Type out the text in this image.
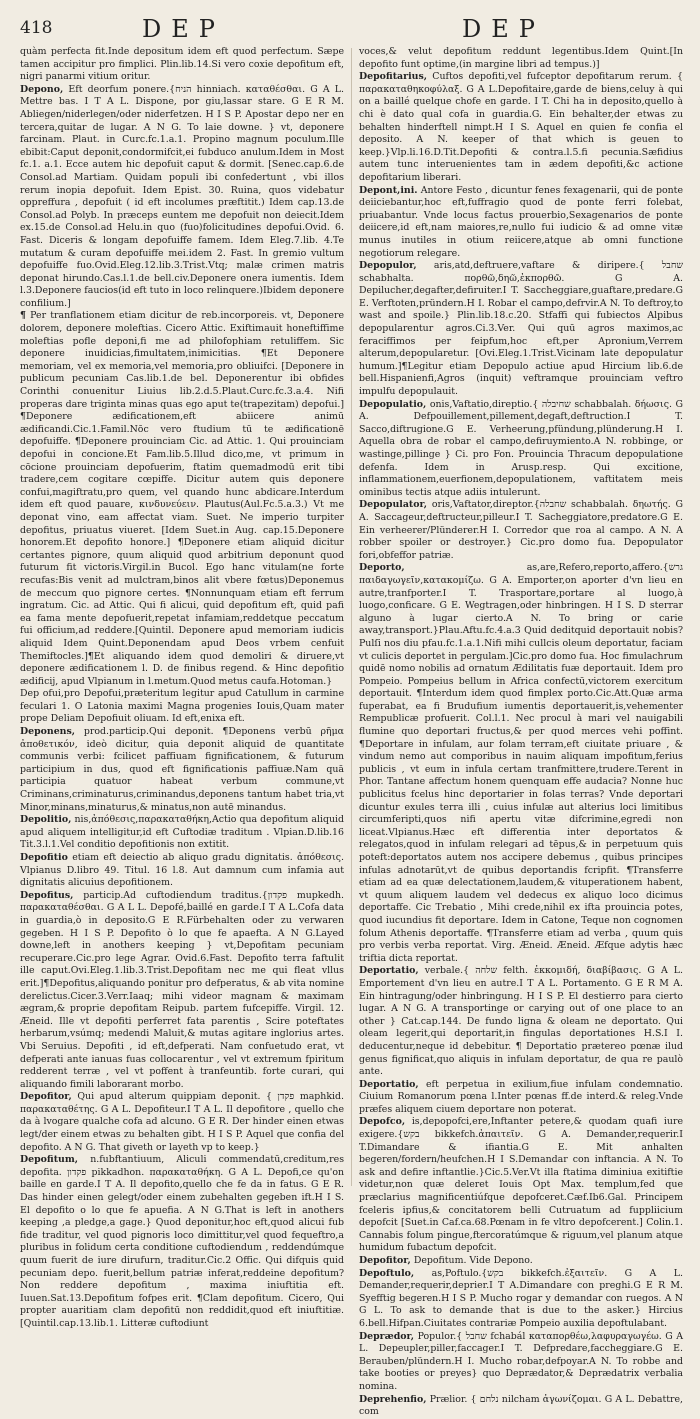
418	DEP	DEP

quàm perfecta fit.Inde depositum idem eft quod perfectum. Sæpe tamen accipitur pro fimplici. Plin.lib.14.Si vero coxie depofitum eft, nigri panarmi vitium oritur.

Depono, Eft deorfum ponere.{הניח hinniach. καταθέσθαι. G A L. Mettre bas. I T A L. Dispone, por giu,lassar stare. G E R M. Abliegen/niderlegen/oder niderfetzen. H I S P. Apostar depo ner en tercera,quitar de lugar. A N G. To laie downe. } vt, deponere farcinam. Plaut. in Curc.fc.1.a.1. Propino magnum poculum.Ille ebibit:Caput deponit,condormifcit,ei fubduco anulum.Idem in Most fc.1. a.1. Ecce autem hic depofuit caput & dormit. [Senec.cap.6.de Consol.ad Martiam. Quidam populi ibi confedertunt , vbi illos rerum inopia depofuit. Idem Epist. 30. Ruina, quos videbatur oppreffura , depofuit ( id eft incolumes præftitit.) Idem cap.13.de Consol.ad Polyb. In præceps euntem me depofuit non deiecit.Idem ex.15.de Consol.ad Helu.in quo (fuo)folicitudines depofui.Ovid. 6. Fast. Diceris & longam depofuiffe famem. Idem Eleg.7.lib. 4.Te mutatum & curam depofuiffe mei.idem 2. Fast. In gremio vultum depofuiffe fuo.Ovid.Eleg.12.lib.3.Trist.Vtq; malæ crimen matris deponat hirundo.Cas.l.1.de bell.civ.Deponere onera iumentis. Idem l.3.Deponere faucios(id eft tuto in loco relinquere.)Ibidem deponere confilium.]

¶ Per tranflationem etiam dicitur de reb.incorporeis. vt, Deponere dolorem, deponere moleftias. Cicero Attic. Exiftimauit honeftiffime moleftias pofle deponi,fi me ad philofophiam retuliffem. Sic deponere inuidicias,fimultatem,inimicitias. ¶Et Deponere memoriam, vel ex memoria,vel memoria,pro obliuifci. [Deponere in publicum pecuniam Cas.lib.1.de bel. Deponerentur ibi obfides Corinthi conuenitur Liuius lib.2.d.5.Plaut.Curc.fc.3.a.4. Nifi properas dare triginta minas quas ego aput te(trapezitam) depofui.] ¶Deponere ædificationem,eft abiicere animū ædificandi.Cic.1.Famil.Nōc vero ftudium tū te ædificationē depofuiffe. ¶Deponere prouinciam Cic. ad Attic. 1. Qui prouinciam depofui in concione.Et Fam.lib.5.Illud dico,me, vt primum in cōcione prouinciam depofuerim, ftatim quemadmodū erit tibi tradere,cem cogitare cœpiffe. Dicitur autem quis deponere confui,magiftratu,pro quem, vel quando hunc abdicare.Interdum idem eft quod pauare, κινδυνεύειν. Plautus(Aul.Fc.5.a.3.) Vt me deponat vino, eam affectat viam. Suet. Ne imperio turpiter depofitus, priuatus viueret. [Idem Suet.in Aug. cap.15.Deponere honorem.Et depofito honore.] ¶Deponere etiam aliquid dicitur certantes pignore, quum aliquid quod arbitrium deponunt quod futurum fit victoris.Virgil.in Bucol. Ego hanc vitulam(ne forte recufas:Bis venit ad mulctram,binos alit vbere fœtus)Deponemus de meccum quo pignore certes. ¶Nonnunquam etiam eft ferrum ingratum. Cic. ad Attic. Qui fi alicui, quid depofitum eft, quid pafi ea fama mente depofuerit,repetat infamiam,reddetque peccatum fui officium,ad reddere.[Quintil. Deponere apud memoriam iudicis aliquid Idem Quint.Deponendam apud Deos vrbem cenfuit Themiftocles.]¶Et aliquando idem quod demoliri & diruere,vt deponere ædificationem l. D. de finibus regend. & Hinc depofitio ædificij, apud Vlpianum in l.metum.Quod metus caufa.Hotoman.}

Dep ofui,pro Depofui,præteritum legitur apud Catullum in carmine feculari 1. O Latonia maximi Magna progenies Iouis,Quam mater prope Deliam Depofiuit oliuam. Id eft,enixa eft.

Deponens, prod.particip.Qui deponit. ¶Deponens verbū ρῆμα ἀποθετικόν, ideò dicitur, quia deponit aliquid de quantitate communis verbi: fcilicet paffiuam fignificationem, & futurum participium in dus, quod eft fignificationis paffiuæ.Nam quā participia quatuor habeat verbum commune,vt Criminans,criminaturus,criminandus,deponens tantum habet tria,vt Minor,minans,minaturus,& minatus,non autē minandus.

Depolitio, nis,ἀπόθεσις,παρακαταθήκη,Actio qua depofitum aliquid apud aliquem intelligitur,id eft Cuftodiæ traditum . Vlpian.D.lib.16 Tit.3.l.1.Vel conditio depofitionis non extitit.

Depofitio etiam eft deiectio ab aliquo gradu dignitatis. ἀπόθεσις. Vlpianus D.libro 49. Titul. 16 l.8. Aut damnum cum infamia aut dignitatis alicuius depofitionem.

Depofitus, particip.Ad cuftodiendum traditus.{פקדון mupkedh. παρακαταθέσθαι. G A L L. Depofé,baillé en garde.I T A L.Cofa data in guardia,ò in deposito.G E R.Fürbehalten oder zu verwaren gegeben. H I S P. Depofito ò lo que fe apaefta. A N G.Layed downe,left in anothers keeping } vt,Depofitam pecuniam recuperare.Cic.pro lege Agrar. Ovid.6.Fast. Depofito terra faftulit ille caput.Ovi.Eleg.1.lib.3.Trist.Depofitam nec me qui fleat vllus erit.]¶Depofitus,aliquando ponitur pro defperatus, & ab vita nomine derelictus.Cicer.3.Verr.Iaaq; mihi videor magnam & maximam ægram,& proprie depofitam Reipub. partem fufcepiffe. Virgil. 12. Æneid. Ille vt depofiti perferret fata parentis , Scire poteftates herbarum,vsúmq; medendi Maluit,& mutas agitare inglorius artes. Vbi Seruius. Depofiti , id eft,defperati. Nam confuetudo erat, vt defperati ante ianuas fuas collocarentur , vel vt extremum fpiritum redderent terræ , vel vt poffent à tranfeuntib. forte curari, qui aliquando fimili laborarant morbo.

Depofitor, Qui apud alterum quippiam deponit. { פקדן maphkid. παρακαταθέτης. G A L. Depofiteur.I T A L. Il depofitore , quello che da à lvogare qualche cofa ad alcuno. G E R. Der hinder einen etwas legt/der einem etwas zu behalten gibt. H I S P. Aquel que confia del depofito. A N G. That giveth or layeth vp to keep.}

Depofitum, n.fubftantiuum, Aliculi commendatū,creditum,res depofita. פקדון pikkadhon. παρακαταθήκη. G A L. Depofi,ce qu'on baille en garde.I T A. Il depofito,quello che fe da in fatus. G E R. Das hinder einen gelegt/oder einem zubehalten gegeben ift.H I S. El depofito o lo que fe apuefia. A N G.That is left in anothers keeping ,a pledge,a gage.} Quod deponitur,hoc eft,quod alicui fub fide traditur, vel quod pignoris loco dimittitur,vel quod fequeftro,a pluribus in folidum certa conditione cuftodiendum , reddendúmque quum fuerit de iure dirufurn, traditur.Cic.2 Offic. Qui difquis quid pecuniam depo. fuerit,bellum patriæ inferat,reddeine depofitum? Non reddere depofitum , maxima iniuftitia eft. Iuuen.Sat.13.Depofitum fofpes erit. ¶Clam depofitum. Cicero, Qui propter auaritiam clam depofitū non reddidit,quod eft iniuftitiæ. [Quintil.cap.13.lib.1. Litteræ cuftodiunt

voces,& velut depofitum reddunt legentibus.Idem Quint.[In depofito funt optime,(in margine libri ad tempus.)]

Depofitarius, Cuftos depofiti,vel fufceptor depofitarum rerum. { παρακαταθηκοφύλαξ. G A L.Depofitaire,garde de biens,celuy à qui on a baillé quelque chofe en garde. I T. Chi ha in deposito,quello à chi è dato qual cofa in guardia.G. Ein behalter,der etwas zu behalten hinderftell nimpt.H I S. Aquel en quien fe confia el deposito. A N. keeper of that which is geuen to keep.}Vlp.li.16.D.Tit.Depofiti & contra.l.5.fi pecunia.Sæfidius autem tunc interuenientes tam in ædem depofiti,&c actione depofitarium liberari.

Depont,ini. Antore Festo , dicuntur fenes fexagenarii, qui de ponte deiiciebantur,hoc eft,fuffragio quod de ponte ferri folebat, priuabantur. Vnde locus factus prouerbio,Sexagenarios de ponte deiicere,id eft,nam maiores,re,nullo fui iudicio & ad omne vitæ munus inutiles in otium reiicere,atque ab omni functione negotiorum relegare.

Depopulor, aris,atd,deftruere,vaftare & diripere.{ שחבל schabhalta. πορθῶ,δηῶ,ἐκπορθῶ. G A. Depilucher,degafter,defiruiter.I T. Saccheggiare,guaftare,predare.G E. Verftoten,pründern.H I. Robar el campo,defrvir.A N. To deftroy,to wast and spoile.} Plin.lib.18.c.20. Stfaffi qui fubiectos Alpibus depopularentur agros.Ci.3.Ver. Qui quū agros maximos,ac feraciffimos per feipfum,hoc eft,per Apronium,Verrem alterum,depopularetur. [Ovi.Eleg.1.Trist.Vicinam late depopulatur humum.]¶Legitur etiam Depopulo actiue apud Hircium lib.6.de bell.Hispanienfi,Agros (inquit) veftramque prouinciam veftro impulfu depopulauit.

Depopulatio, onis,Vaftatio,direptio.{ שחיבלה schabbalah. δήωσις. G A. Defpouillement,pillement,degaft,deftruction.I T. Sacco,diftrugione.G E. Verheerung,pfündung,plünderung.H I. Aquella obra de robar el campo,defiruymiento.A N. robbinge, or wastinge,pillinge } Ci. pro Fon. Prouincia Thracum depopulatione defenfa. Idem in Arusp.resp. Qui excitione, inflammationem,euerfionem,depopulationem, vaftitatem meis ominibus tectis atque adiis intulerunt.

Depopulator, oris,Vaftator,direptor.{שחבלה schabbalah. δηωτής. G A. Saccageur,deftructeur,pilleur.I T. Sacheggiatore,predatore.G E. Ein verheerer/Plünderer.H I. Corredor que roa al campo. A N. A robber spoiler or destroyer.} Cic.pro domo fua. Depopulator fori,obfeffor patriæ.

Deporto,	as,are,Refero,reporto,affero.{גרש παιδαγωγεῖν,κατακομίζω. G A. Emporter,on aporter d'vn lieu en autre,tranfporter.I T. Trasportare,portare al luogo,à luogo,conficare. G E. Wegtragen,oder hinbringen. H I S. D sterrar alguno à lugar cierto.A N. To bring or carie away,transport.}Plau.Aftu.fc.4.a.3 Quid deditquid deportauit nobis? Pulſi nos diu pfau.fc.1.a.1.Nifi mihi cullcis oleum deportatur, faciam vt culicis deportet in pergulam.]Cic.pro domo fua. Hoc fimulachrum quidē nomo nobilis ad ornatum Ædilitatis fuæ deportauit. Idem pro Pompeio. Pompeius bellum in Africa confectū,victorem exercitum deportauit. ¶Interdum idem quod fimplex porto.Cic.Att.Quæ arma fuperabat, ea fi Brudufium iumentis deportauerit,is,vehementer Rempublicæ profuerit. Col.l.1. Nec procul à mari vel nauigabili flumine quo deportari fructus,& per quod merces vehi poffint. ¶Deportare in infulam, aur folam terram,eft ciuitate priuare , & vindum nemo aut comporibus in nauim aliquam impofitum,ferius publicis , vt eum in infula certam tranfmittere,trudere.Terent in Phor. Tantane affectum honem quenquam effe audacia? Nonne huc publicitus fcelus hinc deportarier in folas terras? Vnde deportari dicuntur exules terra illi , cuius infulæ aut alterius loci limitibus circumferipti,quos nifi apertu vitæ difcrimine,egredi non liceat.Vlpianus.Hæc eft differentia inter deportatos & relegatos,quod in infulam relegari ad tēpus,& in perpetuum quis poteft:deportatos autem nos accipere debemus , quibus principes infulas adnotarūt,vt de quibus deportandis fcripfit. ¶Transferre etiam ad ea quæ delectationem,laudem,& vituperationem habent, vt quum aliquem laudem vel dedecus ex aliquo loco dicimus deportaffe. Cic Trebatio , Mihi crede,nihil ex ifta prouincia potes, quod iucundius fit deportare. Idem in Catone, Teque non cognomen folum Athenis deportaffe. ¶Transferre etiam ad verba , quum quis pro verbis verba reportat. Virg. Æneid. Æneid. Æfque adytis hæc triftia dicta reportat.

Deportatio, verbale.{ שלחה felth. ἐκκομιδή, διαβίβασις. G A L. Emportement d'vn lieu en autre.I T A L. Portamento. G E R M A. Ein hintragung/oder hinbringung. H I S P. El destierro para cierto lugar. A N G. A transportinge or carying out of one place to an other } Cat.cap.144. De fundo ligna & oleam ne deportato. Qui oleam legerit,qui deportarit,in fingulas deportationes H.S.I I. deducentur,neque id debebitur. ¶ Deportatio prætereo pœnæ ilud genus fignificat,quo aliquis in infulam deportatur, de qua re paulò ante.

Deportatio, eft perpetua in exilium,fiue infulam condemnatio. Ciuium Romanorum pœna l.Inter pœnas ff.de interd.& releg.Vnde præfes aliquem ciuem deportare non poterat.

Depofco, is,depopofci,ere,Inftanter petere,& quodam quafi iure exigere.{בקש bikkefch.ἀπαιτεῖν. G A. Demander,requerir.I T.Dimandare & ifiantia.G E. Mit anhalten begeren/fordern/heufchen.H I S.Demandar con inftancia. A N. To ask and defire inftantlie.}Cic.5.Ver.Vt illa ftatima diminiua exitiftie videtur,non quæ deleret Iouis Opt Max. templum,fed que præclarius magnificentiúfque depofceret.Cæf.Ib6.Gal. Principem fceleris ipfius,& concitatorem belli Cutruatum ad fuppliicium depofcit [Suet.in Caf.ca.68.Pœnam in fe vltro depofcerent.] Colin.1. Cannabis folum pingue,ftercoratúmque & riguum,vel planum atque humidum fubactum depofcit.

Depofitor, Depofitum. Vide Depono.

Depoftulo, as,Poftulo.{בקש bikkefch.ἐξαιτεῖν. G A L. Demander,requerir,deprier.I T A.Dimandare con preghi.G E R M. Syefftig begeren.H I S P. Mucho rogar y demandar con ruegos. A N G L. To ask to demande that is due to the asker.} Hircius 6.bell.Hifpan.Ciuitates contrariæ Pompeio auxilia depoftulabant.

Deprædor, Populor.{ שחבל fchabál καταπορθέω,λαφυραγωγέω. G A L. Depeupler,piller,faccager.I T. Defpredare,faccheggiare.G E. Berauben/plündern.H I. Mucho robar,defpoyar.A N. To robbe and take booties or preyes} quo Deprædator,& Deprædatrix verbalia nomina.

Deprehenfio, Prælior. { נלחם nilcham ἀγωνίζομαι. G A L. Debattre, com
